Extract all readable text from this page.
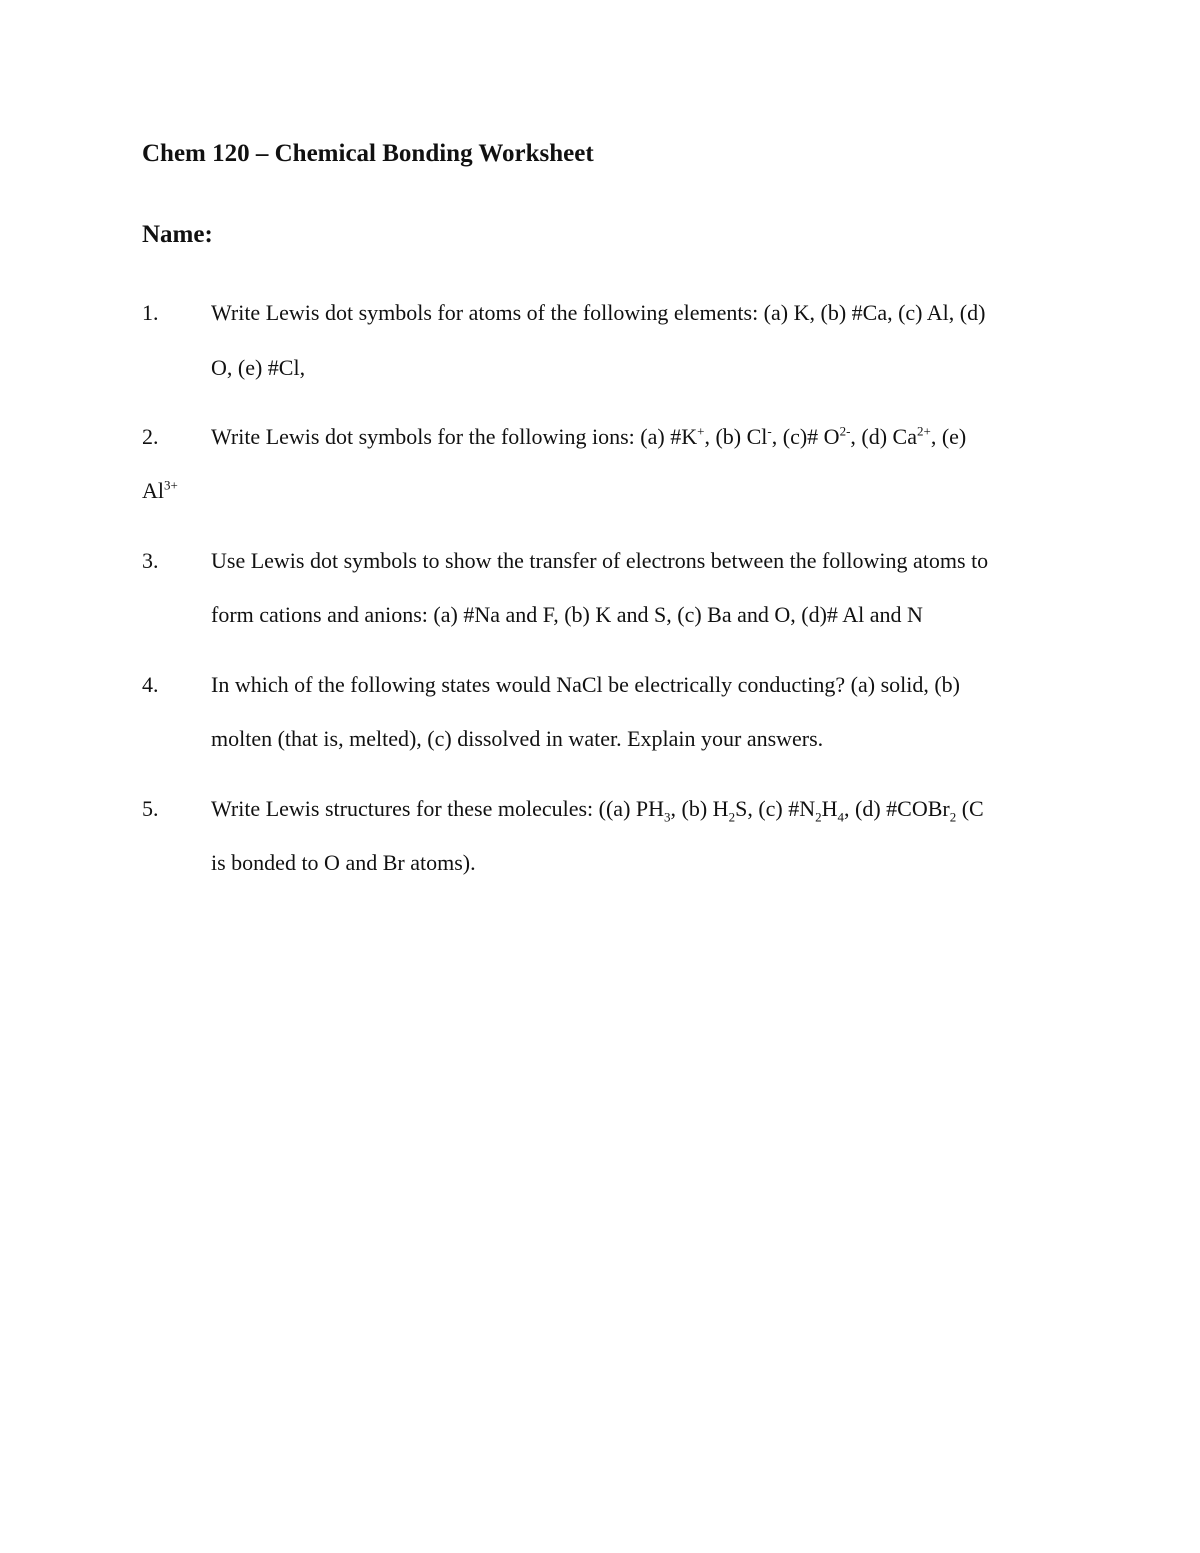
Chem 120 – Chemical Bonding Worksheet
Name:
1. Write Lewis dot symbols for atoms of the following elements: (a) K, (b) #Ca, (c) Al, (d)
O, (e) #Cl,
2. Write Lewis dot symbols for the following ions: (a) #K+, (b) Cl-, (c)# $O^{2-}$, (d) $Ca^{2+}$, (e)
$Al^{3+}$
3. Use Lewis dot symbols to show the transfer of electrons between the following atoms to
form cations and anions: (a) #Na and F, (b) K and S, (c) Ba and O, (d)# Al and N
4. In which of the following states would NaCl be electrically conducting? (a) solid, (b)
molten (that is, melted), (c) dissolved in water. Explain your answers.
5. Write Lewis structures for these molecules: ((a) $PH_3$, (b) $H_2S$, (c) $\#N_2H_4$, (d) #COBr$_2$ (C
is bonded to O and Br atoms).
